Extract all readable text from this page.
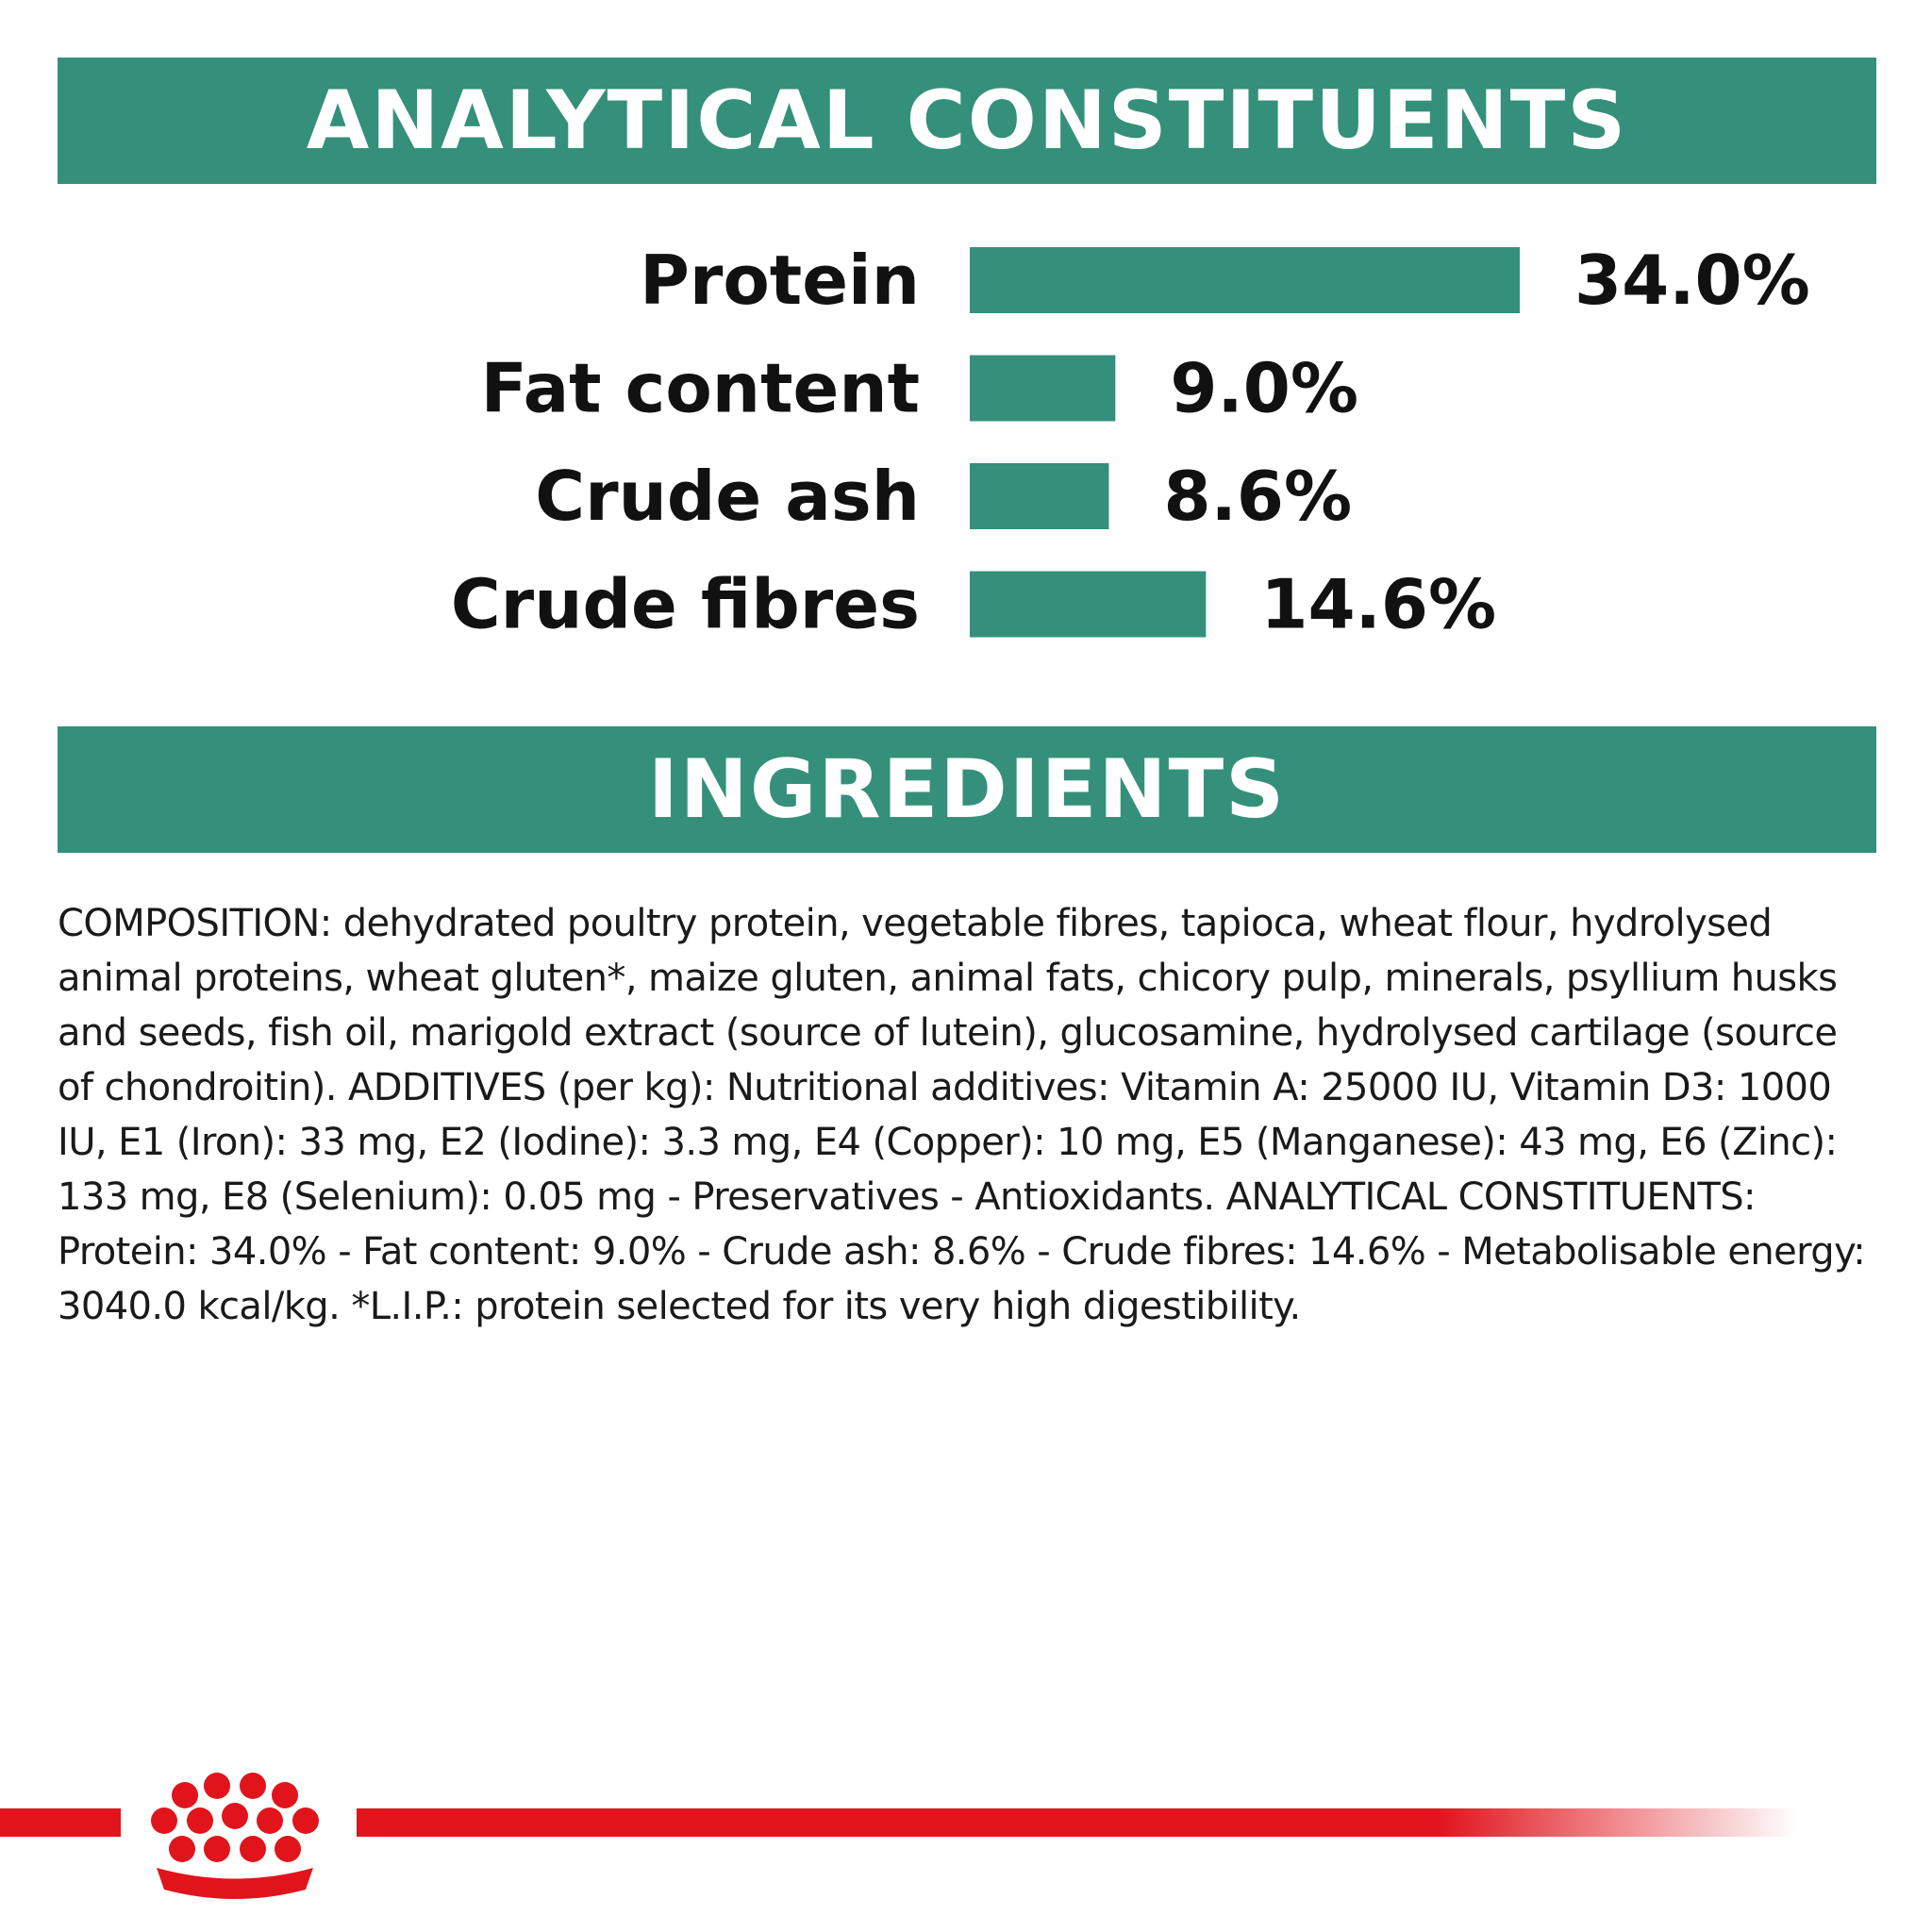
ANALYTICAL CONSTITUENTS
Protein	34.0%
Fat content	9.0%
Crude ash	8.6%
Crude fibres	14.6%
INGREDIENTS

COMPOSITION: dehydrated poultry protein, vegetable fibres, tapioca, wheat flour, hydrolysed animal proteins, wheat gluten*, maize gluten, animal fats, chicory pulp, minerals, psyllium husks and seeds, fish oil, marigold extract (source of lutein), glucosamine, hydrolysed cartilage (source of chondroitin). ADDITIVES (per kg): Nutritional additives: Vitamin A: 25000 IU, Vitamin D3: 1000 IU, E1 (Iron): 33 mg, E2 (Iodine): 3.3 mg, E4 (Copper): 10 mg, E5 (Manganese): 43 mg, E6 (Zinc): 133 mg, E8 (Selenium): 0.05 mg - Preservatives - Antioxidants. ANALYTICAL CONSTITUENTS: Protein: 34.0% - Fat content: 9.0% - Crude ash: 8.6% - Crude fibres: 14.6% - Metabolisable energy: 3040.0 kcal/kg. *L.I.P.: protein selected for its very high digestibility.
